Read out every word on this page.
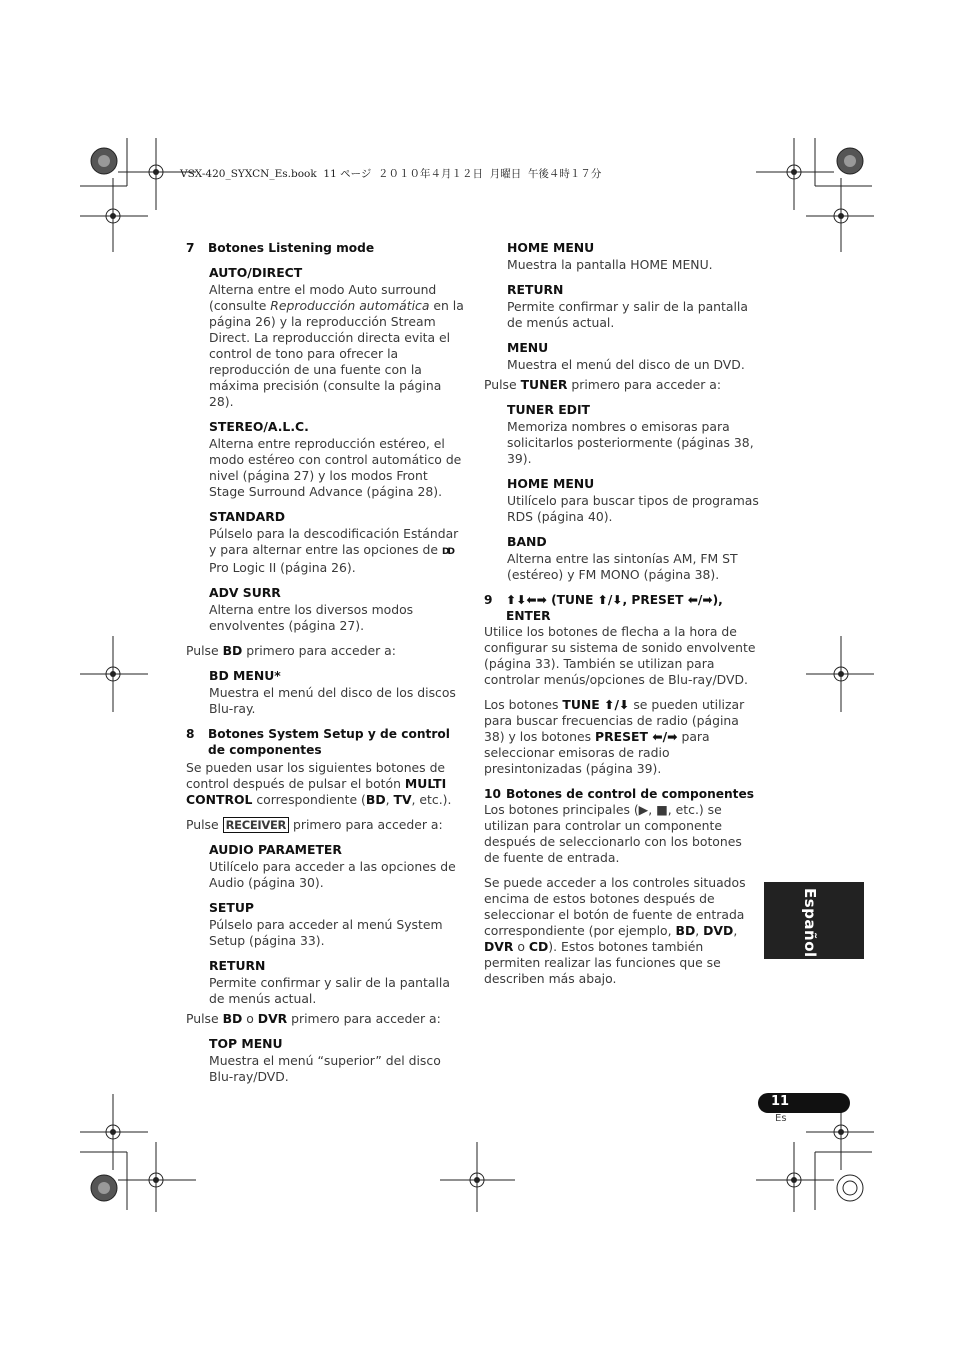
VSX-420_SYXCN_Es.book  11 ページ  ２０１０年４月１２日  月曜日  午後４時１７分
7 Botones Listening mode
AUTO/DIRECT
Alterna entre el modo Auto surround (consulte Reproducción automática en la página 26) y la reproducción Stream Direct. La reproducción directa evita el control de tono para ofrecer la reproducción de una fuente con la máxima precisión (consulte la página 28).
STEREO/A.L.C.
Alterna entre reproducción estéreo, el modo estéreo con control automático de nivel (página 27) y los modos Front Stage Surround Advance (página 28).
STANDARD
Púlselo para la descodificación Estándar y para alternar entre las opciones de DD Pro Logic II (página 26).
ADV SURR
Alterna entre los diversos modos envolventes (página 27).
Pulse BD primero para acceder a:
BD MENU*
Muestra el menú del disco de los discos Blu-ray.
8	Botones System Setup y de control de componentes
Se pueden usar los siguientes botones de control después de pulsar el botón MULTI CONTROL correspondiente (BD, TV, etc.).
Pulse RECEIVER primero para acceder a:
AUDIO PARAMETER
Utilícelo para acceder a las opciones de Audio (página 30).
SETUP
Púlselo para acceder al menú System Setup (página 33).
RETURN
Permite confirmar y salir de la pantalla de menús actual.
Pulse BD o DVR primero para acceder a:
TOP MENU
Muestra el menú “superior” del disco Blu-ray/DVD.
HOME MENU
Muestra la pantalla HOME MENU.
RETURN
Permite confirmar y salir de la pantalla de menús actual.
MENU
Muestra el menú del disco de un DVD.
Pulse TUNER primero para acceder a:
TUNER EDIT
Memoriza nombres o emisoras para solicitarlos posteriormente (páginas 38, 39).
HOME MENU
Utilícelo para buscar tipos de programas RDS (página 40).
BAND
Alterna entre las sintonías AM, FM ST (estéreo) y FM MONO (página 38).
9	⬆⬇⬅➡ (TUNE ⬆/⬇, PRESET ⬅/➡), ENTER
Utilice los botones de flecha a la hora de configurar su sistema de sonido envolvente (página 33). También se utilizan para controlar menús/opciones de Blu-ray/DVD.
Los botones TUNE ⬆/⬇ se pueden utilizar para buscar frecuencias de radio (página 38) y los botones PRESET ⬅/➡ para seleccionar emisoras de radio presintonizadas (página 39).
10 Botones de control de componentes
Los botones principales (▶, ■, etc.) se utilizan para controlar un componente después de seleccionarlo con los botones de fuente de entrada.
Se puede acceder a los controles situados encima de estos botones después de seleccionar el botón de fuente de entrada correspondiente (por ejemplo, BD, DVD, DVR o CD). Estos botones también permiten realizar las funciones que se describen más abajo.
Español
11
Es
